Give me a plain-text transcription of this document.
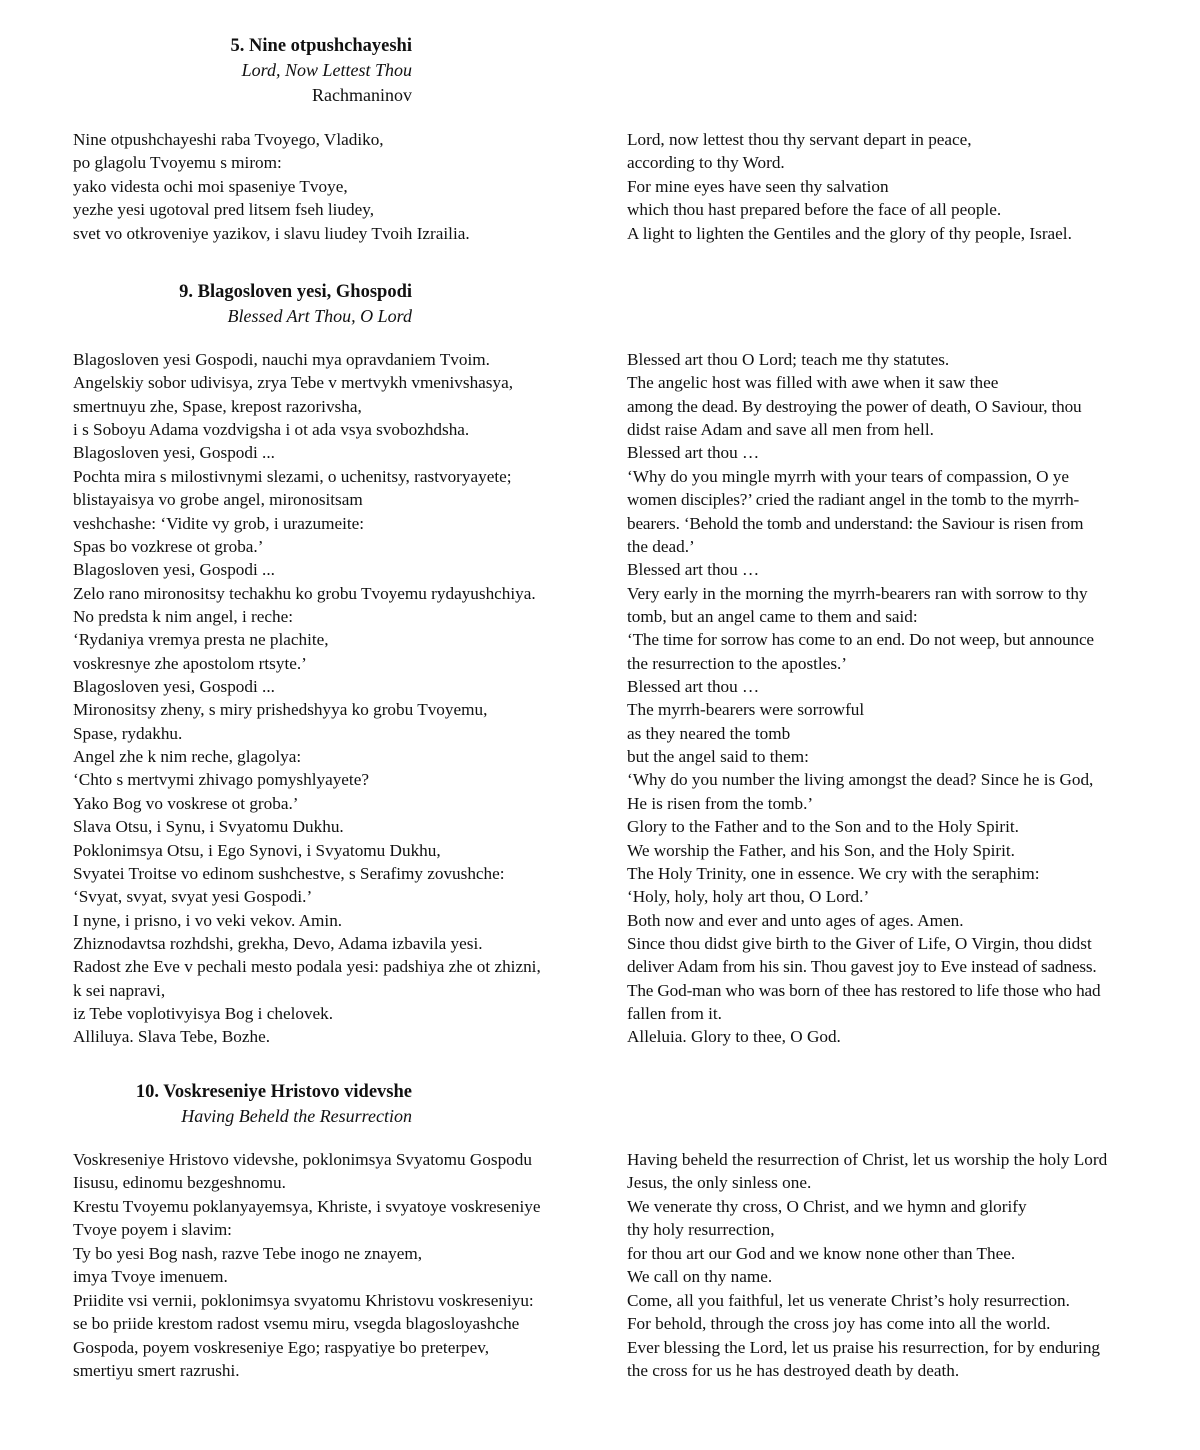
5. Nine otpushchayeshi
Lord, Now Lettest Thou
Rachmaninov
Nine otpushchayeshi raba Tvoyego, Vladiko,
po glagolu Tvoyemu s mirom:
yako videsta ochi moi spaseniye Tvoye,
yezhe yesi ugotoval pred litsem fseh liudey,
svet vo otkroveniye yazikov, i slavu liudey Tvoih Izrailia.
Lord, now lettest thou thy servant depart in peace,
according to thy Word.
For mine eyes have seen thy salvation
which thou hast prepared before the face of all people.
A light to lighten the Gentiles and the glory of thy people, Israel.
9. Blagosloven yesi, Ghospodi
Blessed Art Thou, O Lord
Blagosloven yesi Gospodi, nauchi mya opravdaniem Tvoim.
Angelskiy sobor udivisya, zrya Tebe v mertvykh vmenivshasya,
smertnuyu zhe, Spase, krepost razorivsha,
i s Soboyu Adama vozdvigsha i ot ada vsya svobozhdsha.
Blagosloven yesi, Gospodi ...
Pochta mira s milostivnymi slezami, o uchenitsy, rastvoryayete;
blistayaisya vo grobe angel, mironositsam
veshchashe: ‘Vidite vy grob, i urazumeite:
Spas bo vozkrese ot groba.’
Blagosloven yesi, Gospodi ...
Zelo rano mironositsy techakhu ko grobu Tvoyemu rydayushchiya.
No predsta k nim angel, i reche:
‘Rydaniya vremya presta ne plachite,
voskresnye zhe apostolom rtsyte.’
Blagosloven yesi, Gospodi ...
Mironositsy zheny, s miry prishedshyya ko grobu Tvoyemu,
Spase, rydakhu.
Angel zhe k nim reche, glagolya:
‘Chto s mertvymi zhivago pomyshlyayete?
Yako Bog vo voskrese ot groba.’
Slava Otsu, i Synu, i Svyatomu Dukhu.
Poklonimsya Otsu, i Ego Synovi, i Svyatomu Dukhu,
Svyatei Troitse vo edinom sushchestve, s Serafimy zovushche:
‘Svyat, svyat, svyat yesi Gospodi.’
I nyne, i prisno, i vo veki vekov. Amin.
Zhiznodavtsa rozhdshi, grekha, Devo, Adama izbavila yesi.
Radost zhe Eve v pechali mesto podala yesi: padshiya zhe ot zhizni,
k sei napravi,
iz Tebe voplotivyisya Bog i chelovek.
Alliluya. Slava Tebe, Bozhe.
Blessed art thou O Lord; teach me thy statutes.
The angelic host was filled with awe when it saw thee
among the dead. By destroying the power of death, O Saviour, thou
didst raise Adam and save all men from hell.
Blessed art thou …
‘Why do you mingle myrrh with your tears of compassion, O ye
women disciples?’ cried the radiant angel in the tomb to the myrrh-
bearers. ‘Behold the tomb and understand: the Saviour is risen from
the dead.’
Blessed art thou …
Very early in the morning the myrrh-bearers ran with sorrow to thy
tomb, but an angel came to them and said:
‘The time for sorrow has come to an end. Do not weep, but announce
the resurrection to the apostles.’
Blessed art thou …
The myrrh-bearers were sorrowful
as they neared the tomb
but the angel said to them:
‘Why do you number the living amongst the dead? Since he is God,
He is risen from the tomb.’
Glory to the Father and to the Son and to the Holy Spirit.
We worship the Father, and his Son, and the Holy Spirit.
The Holy Trinity, one in essence. We cry with the seraphim:
‘Holy, holy, holy art thou, O Lord.’
Both now and ever and unto ages of ages. Amen.
Since thou didst give birth to the Giver of Life, O Virgin, thou didst
deliver Adam from his sin. Thou gavest joy to Eve instead of sadness.
The God-man who was born of thee has restored to life those who had
fallen from it.
Alleluia. Glory to thee, O God.
10. Voskreseniye Hristovo videvshe
Having Beheld the Resurrection
Voskreseniye Hristovo videvshe, poklonimsya Svyatomu Gospodu
Iisusu, edinomu bezgeshnomu.
Krestu Tvoyemu poklanyayemsya, Khriste, i svyatoye voskreseniye
Tvoye poyem i slavim:
Ty bo yesi Bog nash, razve Tebe inogo ne znayem,
imya Tvoye imenuem.
Priidite vsi vernii, poklonimsya svyatomu Khristovu voskreseniyu:
se bo priide krestom radost vsemu miru, vsegda blagosloyashche
Gospoda, poyem voskreseniye Ego; raspyatiye bo preterpev,
smertiyu smert razrushi.
Having beheld the resurrection of Christ, let us worship the holy Lord
Jesus, the only sinless one.
We venerate thy cross, O Christ, and we hymn and glorify
thy holy resurrection,
for thou art our God and we know none other than Thee.
We call on thy name.
Come, all you faithful, let us venerate Christ’s holy resurrection.
For behold, through the cross joy has come into all the world.
Ever blessing the Lord, let us praise his resurrection, for by enduring
the cross for us he has destroyed death by death.
